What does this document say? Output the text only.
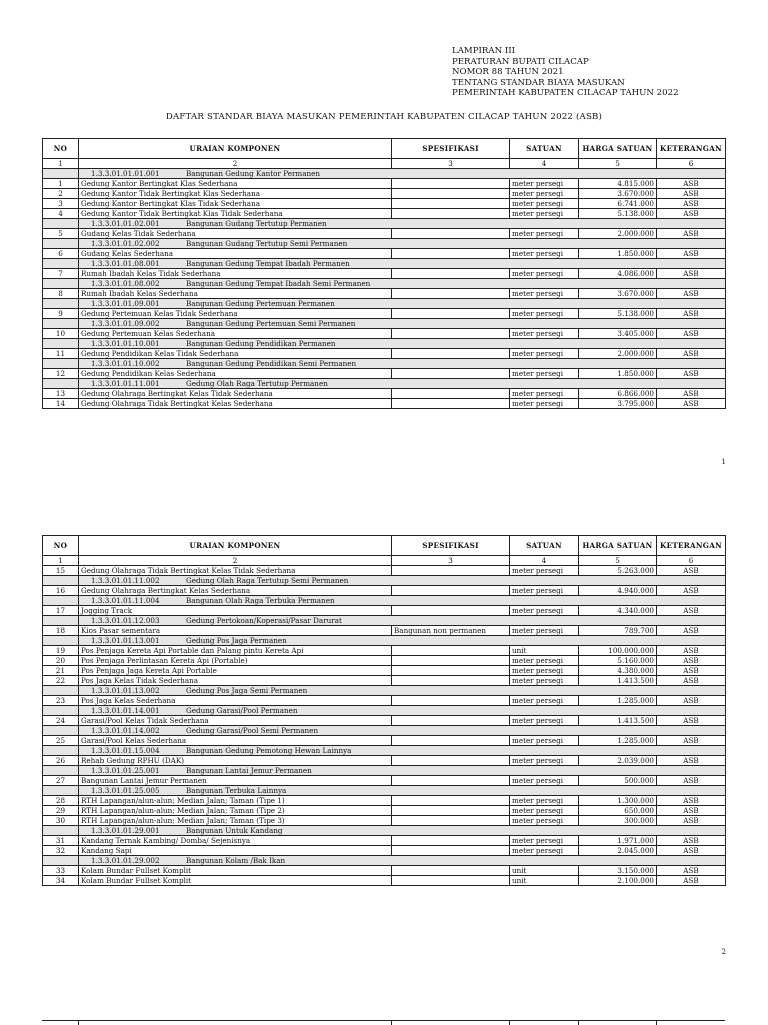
LAMPIRAN III
PERATURAN BUPATI CILACAP
NOMOR 88 TAHUN 2021
TENTANG STANDAR BIAYA MASUKAN
PEMERINTAH KABUPATEN CILACAP TAHUN 2022
DAFTAR STANDAR BIAYA MASUKAN PEMERINTAH KABUPATEN CILACAP TAHUN 2022 (ASB)
NO	URAIAN KOMPONEN	SPESIFIKASI	SATUAN	HARGA SATUAN	KETERANGAN
1	2	3	4	5	6
	1.3.3.01.01.01.001 Bangunan Gedung Kantor Permanen				
1	Gedung Kantor Bertingkat Klas Sederhana		meter persegi	4.815.000	ASB
2	Gedung Kantor Tidak Bertingkat Klas Sederhana		meter persegi	3.670.000	ASB
3	Gedung Kantor Bertingkat Klas Tidak Sederhana		meter persegi	6.741.000	ASB
4	Gedung Kantor Tidak Bertingkat Klas Tidak Sederhana		meter persegi	5.138.000	ASB
	1.3.3.01.01.02.001 Bangunan Gudang Tertutup Permanen				
5	Gudang Kelas Tidak Sederhana		meter persegi	2.000.000	ASB
	1.3.3.01.01.02.002 Bangunan Gudang Tertutup Semi Permanen				
6	Gudang Kelas Sederhana		meter persegi	1.850.000	ASB
	1.3.3.01.01.08.001 Bangunan Gedung Tempat Ibadah Permanen				
7	Rumah Ibadah Kelas Tidak Sederhana		meter persegi	4.086.000	ASB
	1.3.3.01.01.08.002 Bangunan Gedung Tempat Ibadah Semi Permanen				
8	Rumah Ibadah Kelas Sederhana		meter persegi	3.670.000	ASB
	1.3.3.01.01.09.001 Bangunan Gedung Pertemuan Permanen				
9	Gedung Pertemuan Kelas Tidak Sederhana		meter persegi	5.138.000	ASB
	1.3.3.01.01.09.002 Bangunan Gedung Pertemuan Semi Permanen				
10	Gedung Pertemuan Kelas Sederhana		meter persegi	3.405.000	ASB
	1.3.3.01.01.10.001 Bangunan Gedung Pendidikan Permanen				
11	Gedung Pendidikan Kelas Tidak Sederhana		meter persegi	2.000.000	ASB
	1.3.3.01.01.10.002 Bangunan Gedung Pendidikan Semi Permanen				
12	Gedung Pendidikan Kelas Sederhana		meter persegi	1.850.000	ASB
	1.3.3.01.01.11.001 Gedung Olah Raga Tertutup Permanen				
13	Gedung Olahraga Bertingkat Kelas Tidak Sederhana		meter persegi	6.866.000	ASB
14	Gedung Olahraga Tidak Bertingkat Kelas Sederhana		meter persegi	3.795.000	ASB
1
NO	URAIAN KOMPONEN	SPESIFIKASI	SATUAN	HARGA SATUAN	KETERANGAN
1	2	3	4	5	6
15	Gedung Olahraga Tidak Bertingkat Kelas Tidak Sederhana		meter persegi	5.263.000	ASB
	1.3.3.01.01.11.002 Gedung Olah Raga Tertutup Semi Permanen				
16	Gedung Olahraga Bertingkat Kelas Sederhana		meter persegi	4.940.000	ASB
	1.3.3.01.01.11.004 Bangunan Olah Raga Terbuka Permanen				
17	Jogging Track		meter persegi	4.340.000	ASB
	1.3.3.01.01.12.003 Gedung Pertokoan/Koperasi/Pasar Darurat				
18	Kios Pasar sementara	Bangunan non permanen	meter persegi	789.700	ASB
	1.3.3.01.01.13.001 Gedung Pos Jaga Permanen				
19	Pos Penjaga Kereta Api Portable dan Palang pintu Kereta Api		unit	100.000.000	ASB
20	Pos Penjaga Perlintasan Kereta Api (Portable)		meter persegi	5.160.000	ASB
21	Pos Penjaga Jaga Kereta Api Portable		meter persegi	4.380.000	ASB
22	Pos Jaga Kelas Tidak Sederhana		meter persegi	1.413.500	ASB
	1.3.3.01.01.13.002 Gedung Pos Jaga Semi Permanen				
23	Pos Jaga Kelas Sederhana		meter persegi	1.285.000	ASB
	1.3.3.01.01.14.001 Gedung Garasi/Pool Permanen				
24	Garasi/Pool Kelas Tidak Sederhana		meter persegi	1.413.500	ASB
	1.3.3.01.01.14.002 Gedung Garasi/Pool Semi Permanen				
25	Garasi/Pool Kelas Sederhana		meter persegi	1.285.000	ASB
	1.3.3.01.01.15.004 Bangunan Gedung Pemotong Hewan Lainnya				
26	Rehab Gedung RPHU (DAK)		meter persegi	2.039.000	ASB
	1.3.3.01.01.25.001 Bangunan Lantai Jemur Permanen				
27	Bangunan Lantai Jemur Permanen		meter persegi	500.000	ASB
	1.3.3.01.01.25.005 Bangunan Terbuka Lainnya				
28	RTH Lapangan/alun-alun; Median Jalan; Taman (Tipe 1)		meter persegi	1.300.000	ASB
29	RTH Lapangan/alun-alun; Median Jalan; Taman (Tipe 2)		meter persegi	650.000	ASB
30	RTH Lapangan/alun-alun; Median Jalan; Taman (Tipe 3)		meter persegi	300.000	ASB
	1.3.3.01.01.29.001 Bangunan Untuk Kandang				
31	Kandang Ternak Kambing/ Domba/ Sejenisnya		meter persegi	1.971.000	ASB
32	Kandang Sapi		meter persegi	2.045.000	ASB
	1.3.3.01.01.29.002 Bangunan Kolam /Bak Ikan				
33	Kolam Bundar Fullset Komplit		unit	3.150.000	ASB
34	Kolam Bundar Fullset Komplit		unit	2.100.000	ASB
2
